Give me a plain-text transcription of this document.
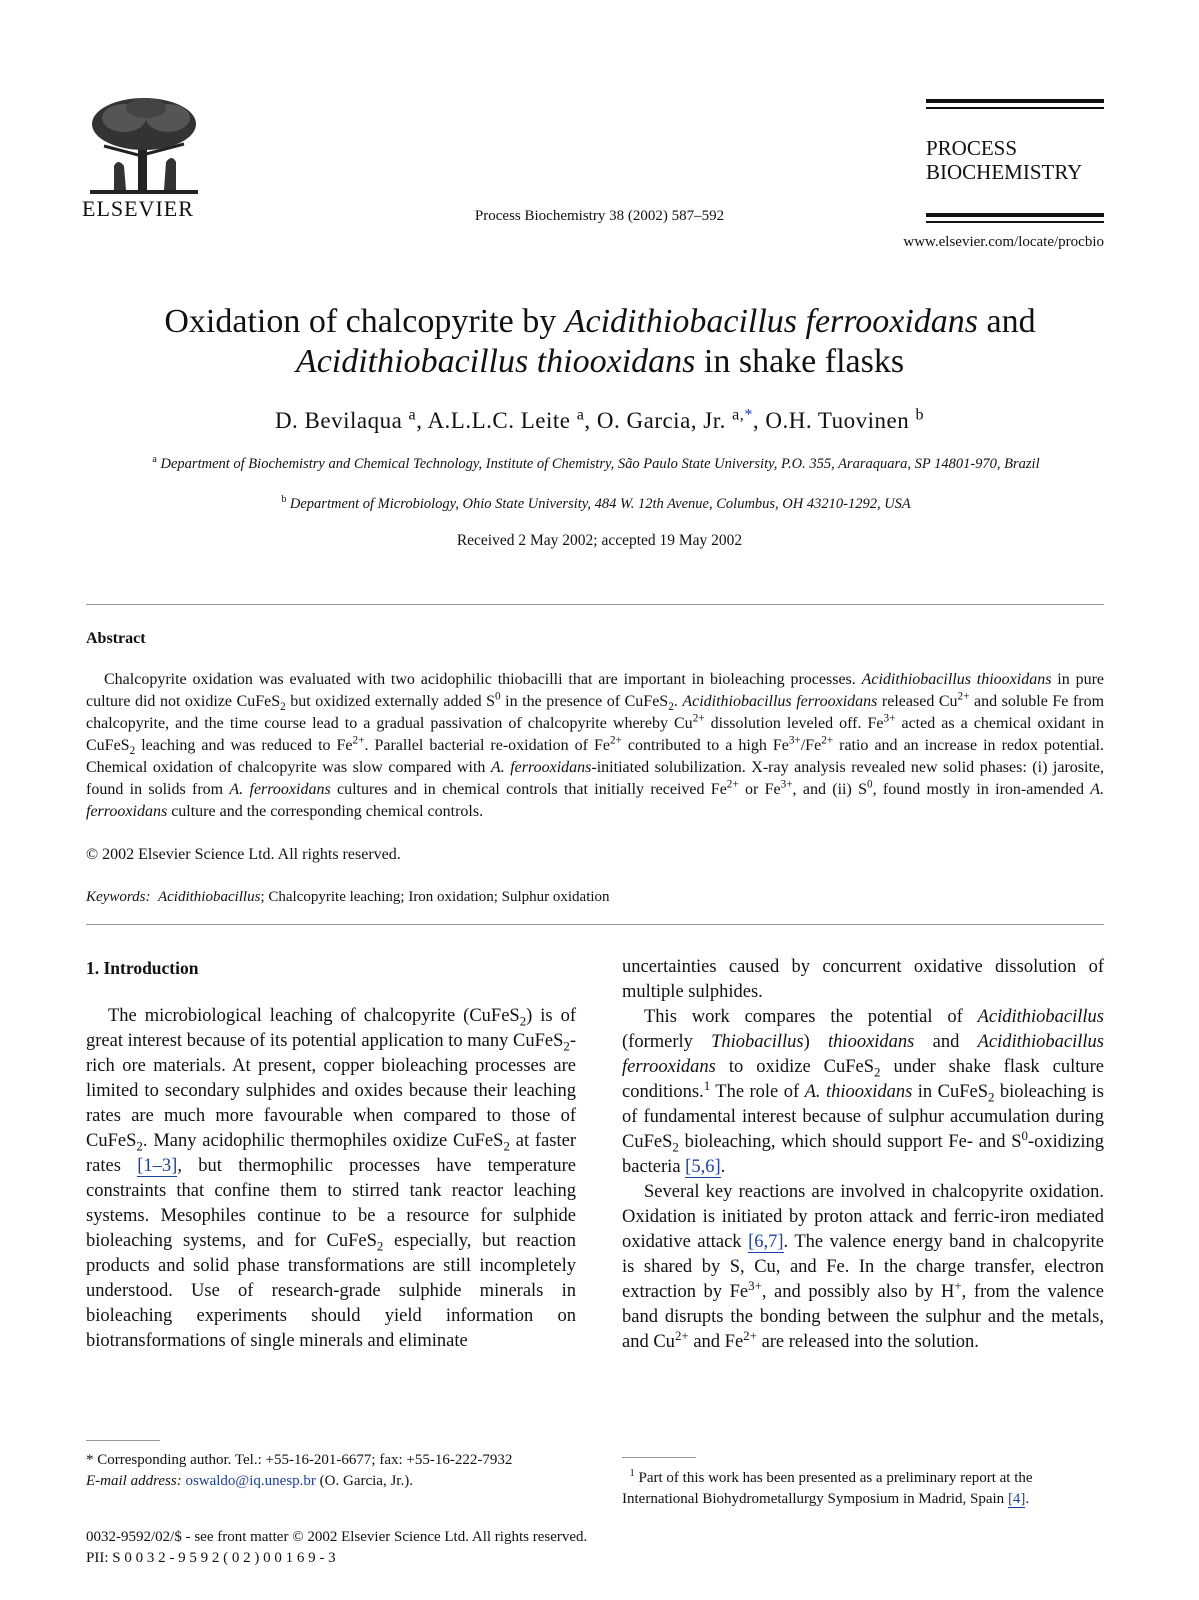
ELSEVIER	Process Biochemistry 38 (2002) 587–592
PROCESS
BIOCHEMISTRY
www.elsevier.com/locate/procbio
Oxidation of chalcopyrite by Acidithiobacillus ferrooxidans and
Acidithiobacillus thiooxidans in shake flasks
D. Bevilaqua $^a$, A.L.L.C. Leite $^a$, O. Garcia, Jr. $^{a,*}$, O.H. Tuovinen $^b$
$^a$ Department of Biochemistry and Chemical Technology, Institute of Chemistry, São Paulo State University, P.O. 355, Araraquara, SP 14801-970, Brazil
$^b$ Department of Microbiology, Ohio State University, 484 W. 12th Avenue, Columbus, OH 43210-1292, USA
Received 2 May 2002; accepted 19 May 2002
Abstract
Chalcopyrite oxidation was evaluated with two acidophilic thiobacilli that are important in bioleaching processes. Acidithiobacillus thiooxidans in pure culture did not oxidize CuFeS$_2$ but oxidized externally added $S^0$ in the presence of CuFeS$_2$. Acidithiobacillus ferrooxidans released $Cu^{2+}$ and soluble Fe from chalcopyrite, and the time course lead to a gradual passivation of chalcopyrite whereby $Cu^{2+}$ dissolution leveled off. $Fe^{3+}$ acted as a chemical oxidant in CuFeS$_2$ leaching and was reduced to $Fe^{2+}$. Parallel bacterial re-oxidation of $Fe^{2+}$ contributed to a high $Fe^{3+}/Fe^{2+}$ ratio and an increase in redox potential. Chemical oxidation of chalcopyrite was slow compared with A. ferrooxidans-initiated solubilization. X-ray analysis revealed new solid phases: (i) jarosite, found in solids from A. ferrooxidans cultures and in chemical controls that initially received $Fe^{2+}$ or $Fe^{3+}$, and (ii) $S^0$, found mostly in iron-amended A. ferrooxidans culture and the corresponding chemical controls.
© 2002 Elsevier Science Ltd. All rights reserved.
Keywords: Acidithiobacillus; Chalcopyrite leaching; Iron oxidation; Sulphur oxidation
1. Introduction

The microbiological leaching of chalcopyrite (CuFeS$_2$) is of great interest because of its potential application to many CuFeS$_2$-rich ore materials. At present, copper bioleaching processes are limited to secondary sulphides and oxides because their leaching rates are much more favourable when compared to those of CuFeS$_2$. Many acidophilic thermophiles oxidize CuFeS$_2$ at faster rates [1–3], but thermophilic processes have temperature constraints that confine them to stirred tank reactor leaching systems. Mesophiles continue to be a resource for sulphide bioleaching systems, and for CuFeS$_2$ especially, but reaction products and solid phase transformations are still incompletely understood. Use of research-grade sulphide minerals in bioleaching experiments should yield information on biotransformations of single minerals and eliminate

uncertainties caused by concurrent oxidative dissolution of multiple sulphides.

This work compares the potential of Acidithiobacillus (formerly Thiobacillus) thiooxidans and Acidithiobacillus ferrooxidans to oxidize CuFeS$_2$ under shake flask culture conditions.$^1$ The role of A. thiooxidans in CuFeS$_2$ bioleaching is of fundamental interest because of sulphur accumulation during CuFeS$_2$ bioleaching, which should support Fe- and $S^0$-oxidizing bacteria [5,6].

Several key reactions are involved in chalcopyrite oxidation. Oxidation is initiated by proton attack and ferric-iron mediated oxidative attack [6,7]. The valence energy band in chalcopyrite is shared by S, Cu, and Fe. In the charge transfer, electron extraction by $Fe^{3+}$, and possibly also by H+, from the valence band disrupts the bonding between the sulphur and the metals, and $Cu^{2+}$ and $Fe^{2+}$ are released into the solution.

* Corresponding author. Tel.: +55-16-201-6677; fax: +55-16-222-7932
E-mail address: oswaldo@iq.unesp.br (O. Garcia, Jr.).	$^1$ Part of this work has been presented as a preliminary report at the International Biohydrometallurgy Symposium in Madrid, Spain [4].
0032-9592/02/$ - see front matter © 2002 Elsevier Science Ltd. All rights reserved.
PII: S 0 0 3 2 - 9 5 9 2 ( 0 2 ) 0 0 1 6 9 - 3
